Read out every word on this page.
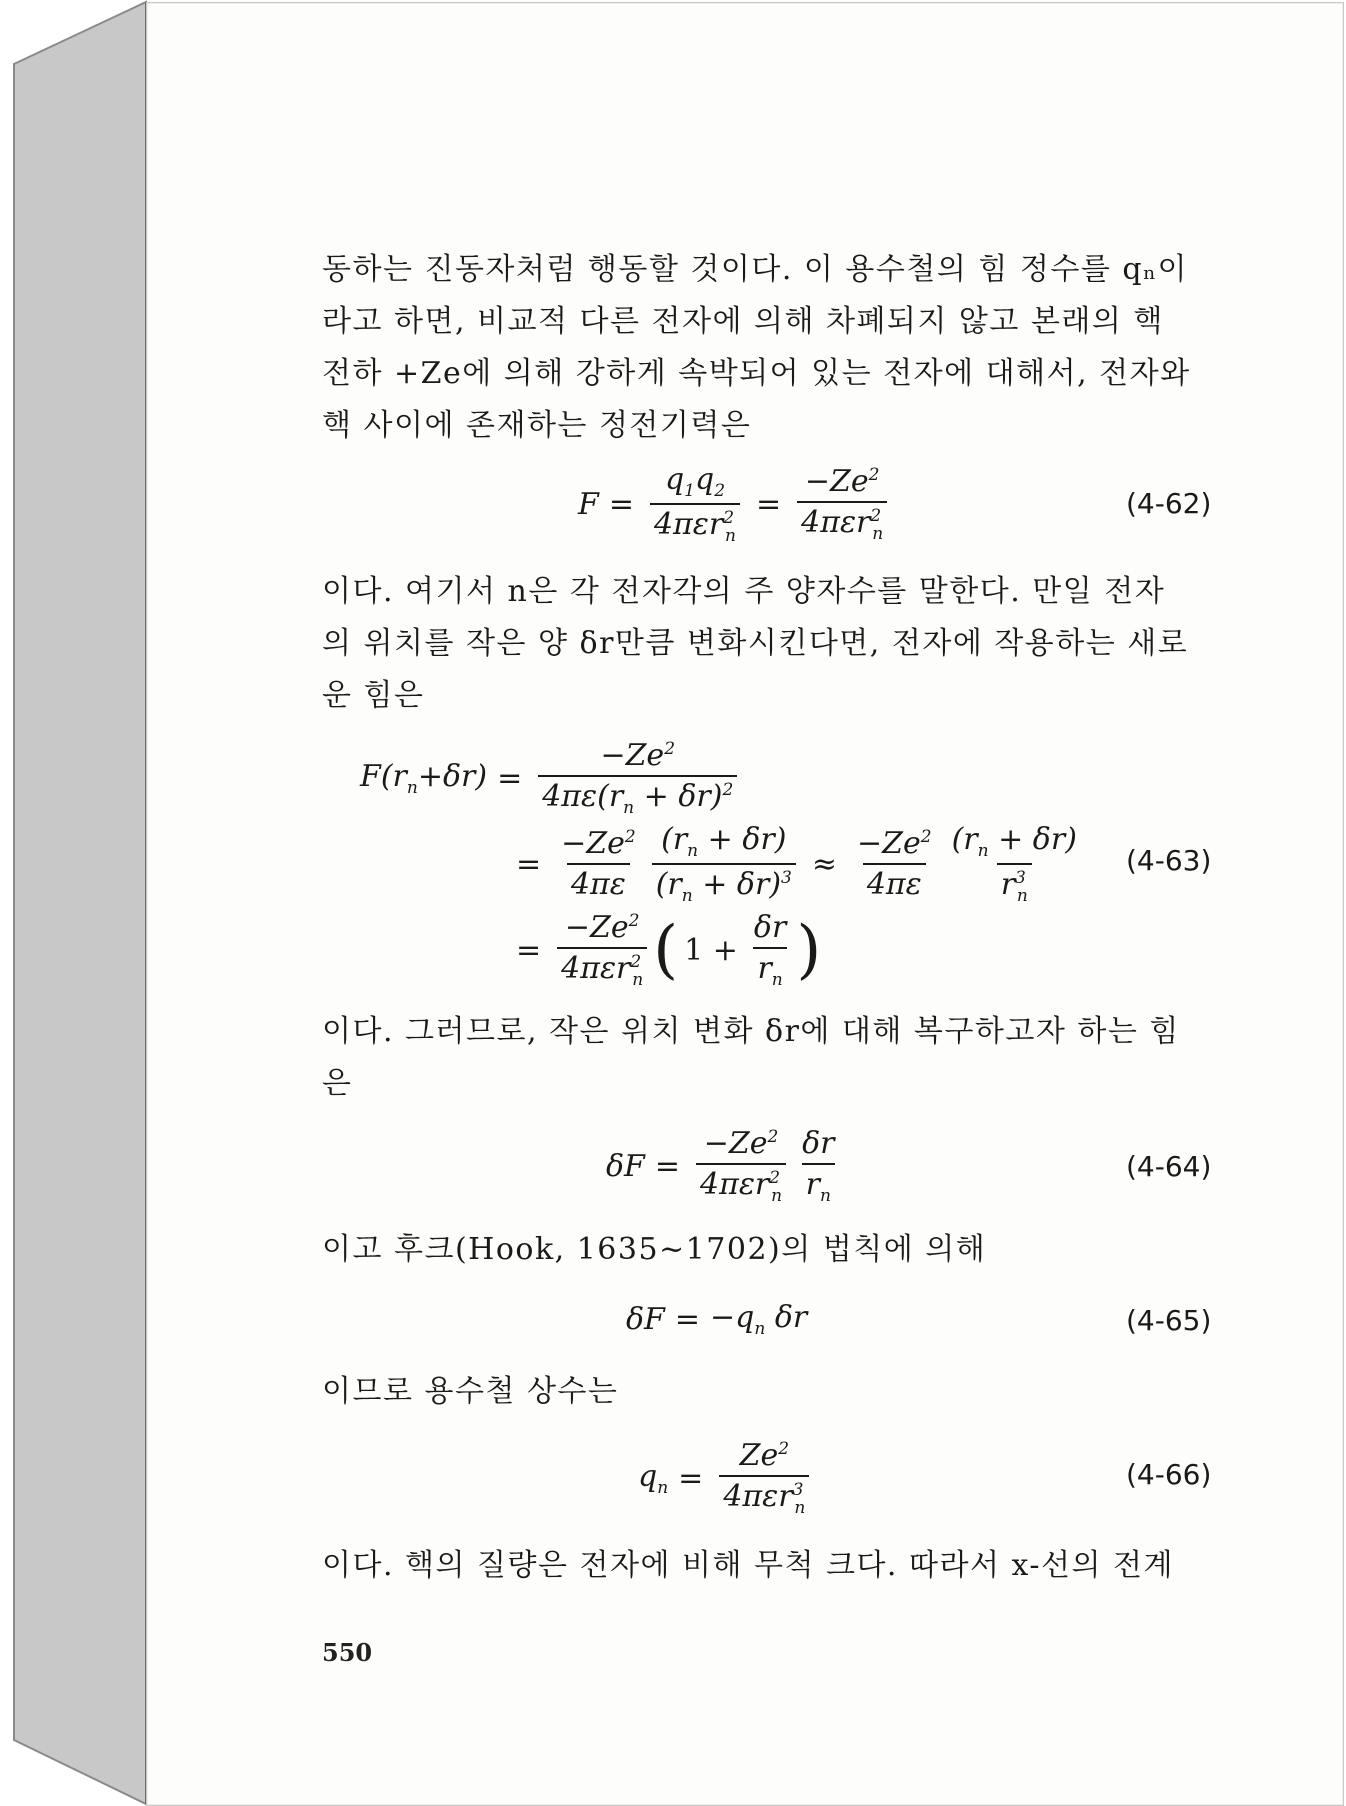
동하는 진동자처럼 행동할 것이다. 이 용수철의 힘 정수를 qₙ이
라고 하면, 비교적 다른 전자에 의해 차폐되지 않고 본래의 핵
전하 +Ze에 의해 강하게 속박되어 있는 전자에 대해서, 전자와
핵 사이에 존재하는 정전기력은
$F = \frac{q_1q_2}{4\pi\varepsilon r^2_n} = \frac{-Ze^2}{4\pi\varepsilon r^2_n}$	(4-62)
이다. 여기서 n은 각 전자각의 주 양자수를 말한다. 만일 전자
의 위치를 작은 양 δr만큼 변화시킨다면, 전자에 작용하는 새로
운 힘은
$F(r_n+\delta r) = \frac{-Ze^2}{4\pi\varepsilon(r_n + \delta r)^2}$
= $\frac{-Ze^2}{4\pi\varepsilon} \frac{(r_n + \delta r)}{(r_n + \delta r)^3} \approx \frac{-Ze^2}{4\pi\varepsilon} \frac{(r_n + \delta r)}{r^3_n} (4-63)$
= $\frac{-Ze^2}{4\pi\varepsilon r^2_n}$ ( $1 + \frac{\delta r}{r_n}$ )
이다. 그러므로, 작은 위치 변화 δr에 대해 복구하고자 하는 힘
은
$\delta F = \frac{-Ze^2}{4\pi\varepsilon r^2_n} \frac{\delta r}{r_n}$	(4-64)
이고 후크(Hook, 1635~1702)의 법칙에 의해
$\delta F = -q_n$ δr	(4-65)
이므로 용수철 상수는
$q_n = \frac{Ze^2}{4\pi\varepsilon r^3_n}$	(4-66)
이다. 핵의 질량은 전자에 비해 무척 크다. 따라서 x-선의 전계
550
